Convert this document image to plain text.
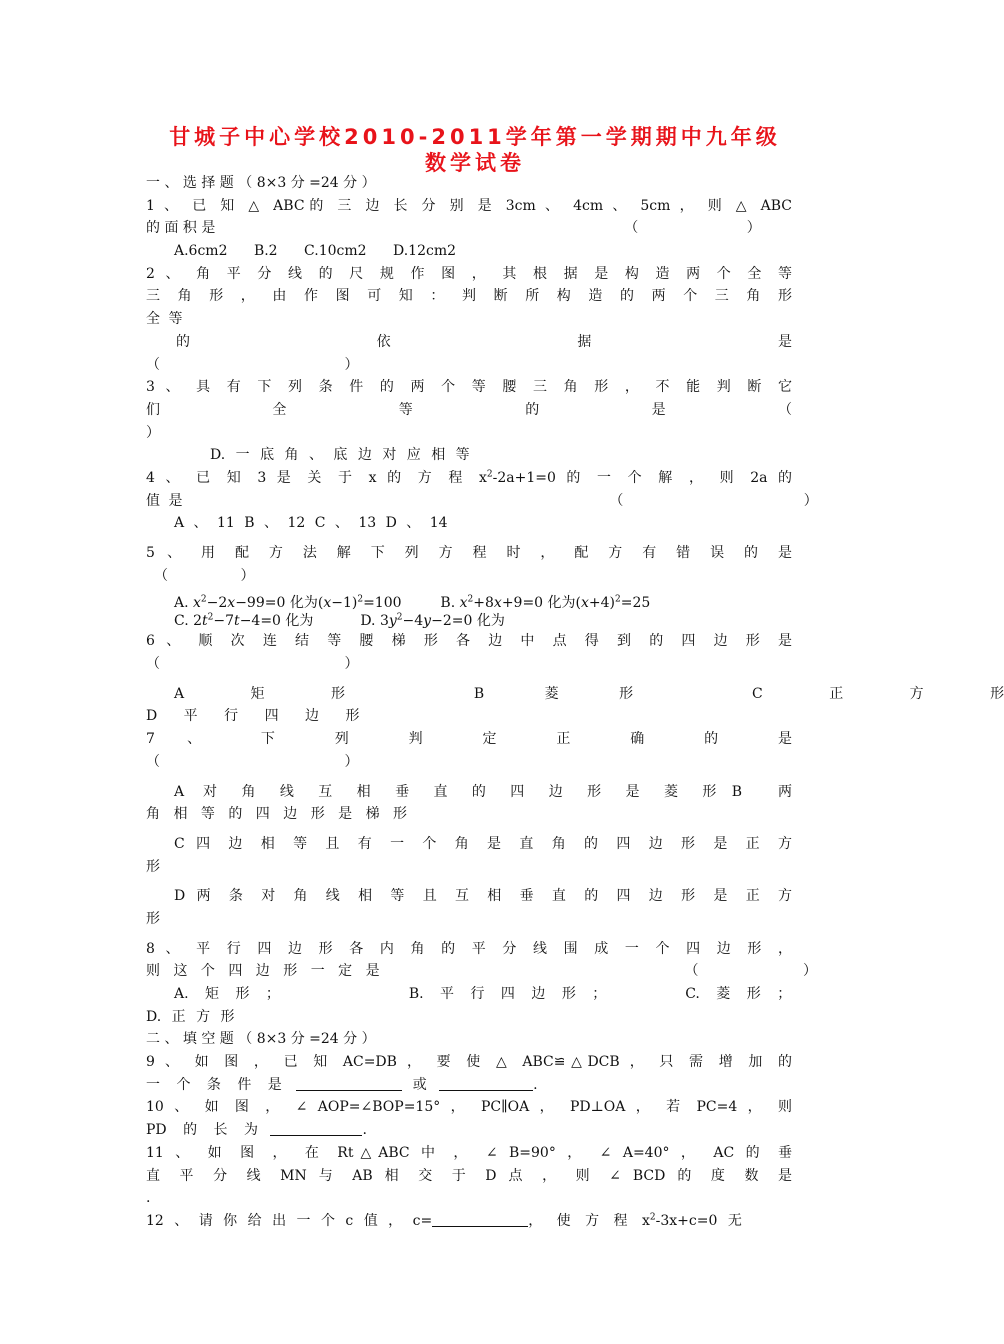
甘城子中心学校2010-2011学年第一学期期中九年级
数学试卷
一 、 选 择 题 （ 8×3 分 =24 分 ）
1 、 已 知 △ ABC的 三 边 长 分 别 是 3cm 、 4cm 、 5cm ， 则 △ ABC
的 面 积 是	（ ）
A.6cm2 B.2 C.10cm2 D.12cm2
2 、 角 平 分 线 的 尺 规 作 图 ， 其 根 据 是 构 造 两 个 全 等
三 角 形 ， 由 作 图 可 知 ： 判 断 所 构 造 的 两 个 三 角 形
全 等
的 依 据 是
（ ）
3 、 具 有 下 列 条 件 的 两 个 等 腰 三 角 形 ， 不 能 判 断 它
们 全 等 的 是 （
）
D. 一 底 角 、 底 边 对 应 相 等
4 、 已 知 3 是 关 于 x 的 方 程 $x^2-2a+1=0$ 的 一 个 解 ， 则 2a 的
值 是	（ ）
A 、 11 B 、 12 C 、 13 D 、 14
5 、 用 配 方 法 解 下 列 方 程 时 ， 配 方 有 错 误 的 是
（ ）
A. $x^2-2x-99=0$ 化为$(x-1)^2=100$	B. $x^2+8x+9=0$ 化为$(x+4)^2=25$
C. $2t^2-7t-4=0$ 化为	D. $3y^2-4y-2=0$ 化为
6 、 顺 次 连 结 等 腰 梯 形 各 边 中 点 得 到 的 四 边 形 是
（ ）
A 矩 形	B 菱 形	C 正 方 形
D 平 行 四 边 形
7 、 下 列 判 定 正 确 的 是
（ ）
A 对 角 线 互 相 垂 直 的 四 边 形 是 菱 形 B 两
角 相 等 的 四 边 形 是 梯 形
C 四 边 相 等 且 有 一 个 角 是 直 角 的 四 边 形 是 正 方
形
D 两 条 对 角 线 相 等 且 互 相 垂 直 的 四 边 形 是 正 方
形
8 、 平 行 四 边 形 各 内 角 的 平 分 线 围 成 一 个 四 边 形 ，
则 这 个 四 边 形 一 定 是	（ ）
A. 矩 形 ；	B. 平 行 四 边 形 ；	C. 菱 形 ；
D. 正 方 形
二 、 填 空 题 （ 8×3 分 =24 分 ）
9 、 如 图 ， 已 知 AC=DB ， 要 使 △ ABC≌△DCB ， 只 需 增 加 的
一 个 条 件 是	或	.
10 、 如 图 ， ∠ AOP=∠BOP=15° ， PC∥OA ， PD⊥OA ， 若 PC=4 ， 则
PD 的 长 为	.
11 、 如 图 ， 在 Rt△ABC 中 ， ∠ B=90° ， ∠ A=40° ， AC 的 垂
直 平 分 线 MN 与 AB 相 交 于 D 点 ， 则 ∠ BCD 的 度 数 是
.
12 、 请 你 给 出 一 个 c 值 ， c=	， 使 方 程 $x^2-3x+c=0$ 无
